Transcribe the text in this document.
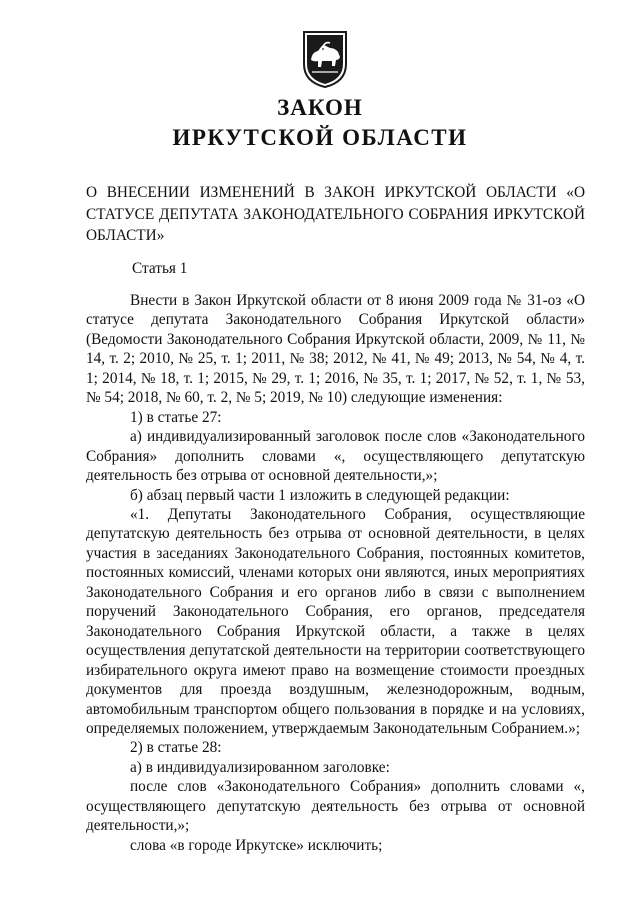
ЗАКОН
ИРКУТСКОЙ ОБЛАСТИ
О ВНЕСЕНИИ ИЗМЕНЕНИЙ В ЗАКОН ИРКУТСКОЙ ОБЛАСТИ «О СТАТУСЕ ДЕПУТАТА ЗАКОНОДАТЕЛЬНОГО СОБРАНИЯ ИРКУТСКОЙ ОБЛАСТИ»
Статья 1

Внести в Закон Иркутской области от 8 июня 2009 года № 31-оз «О статусе депутата Законодательного Собрания Иркутской области» (Ведомости Законодательного Собрания Иркутской области, 2009, № 11, № 14, т. 2; 2010, № 25, т. 1; 2011, № 38; 2012, № 41, № 49; 2013, № 54, № 4, т. 1; 2014, № 18, т. 1; 2015, № 29, т. 1; 2016, № 35, т. 1; 2017, № 52, т. 1, № 53, № 54; 2018, № 60, т. 2, № 5; 2019, № 10) следующие изменения:

1) в статье 27:

а) индивидуализированный заголовок после слов «Законодательного Собрания» дополнить словами «, осуществляющего депутатскую деятельность без отрыва от основной деятельности,»;

б) абзац первый части 1 изложить в следующей редакции:

«1. Депутаты Законодательного Собрания, осуществляющие депутатскую деятельность без отрыва от основной деятельности, в целях участия в заседаниях Законодательного Собрания, постоянных комитетов, постоянных комиссий, членами которых они являются, иных мероприятиях Законодательного Собрания и его органов либо в связи с выполнением поручений Законодательного Собрания, его органов, председателя Законодательного Собрания Иркутской области, а также в целях осуществления депутатской деятельности на территории соответствующего избирательного округа имеют право на возмещение стоимости проездных документов для проезда воздушным, железнодорожным, водным, автомобильным транспортом общего пользования в порядке и на условиях, определяемых положением, утверждаемым Законодательным Собранием.»;

2) в статье 28:

а) в индивидуализированном заголовке:

после слов «Законодательного Собрания» дополнить словами «, осуществляющего депутатскую деятельность без отрыва от основной деятельности,»;

слова «в городе Иркутске» исключить;
